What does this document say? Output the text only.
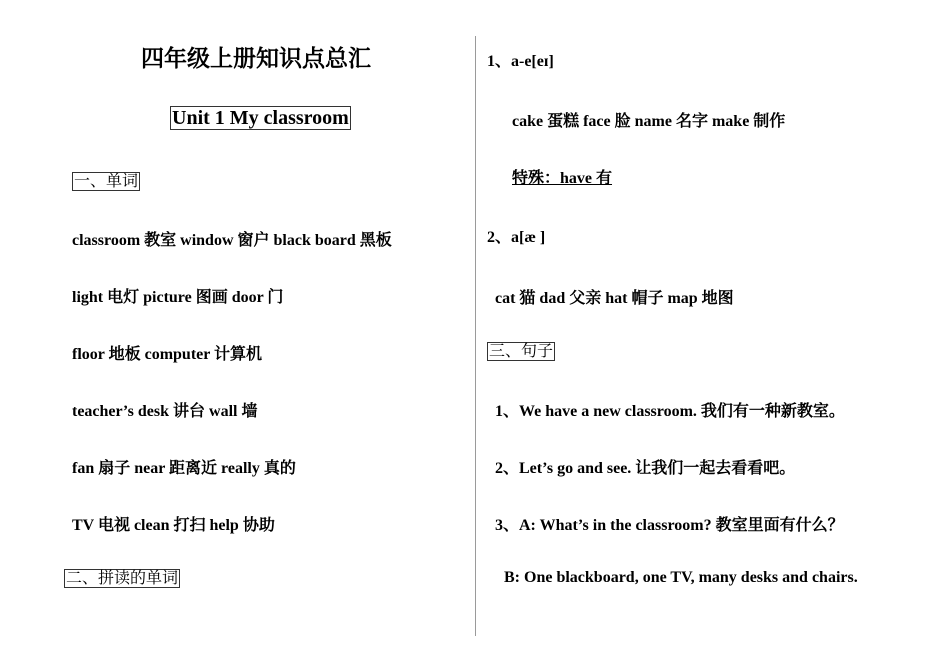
四年级上册知识点总汇
Unit 1 My classroom
一、单词
classroom 教室 window 窗户 black board 黑板
light 电灯 picture 图画 door 门
floor 地板 computer 计算机
teacher’s desk 讲台 wall 墙
fan 扇子 near 距离近 really 真的
TV 电视 clean 打扫 help 协助
二、拼读的单词
1、a-e[eɪ]
cake 蛋糕 face 脸 name 名字 make 制作
特殊：have 有
2、a[æ ]
cat 猫 dad 父亲 hat 帽子 map 地图
三、句子
1、We have a new classroom. 我们有一种新教室。
2、Let’s go and see. 让我们一起去看看吧。
3、A: What’s in the classroom? 教室里面有什么？
B: One blackboard, one TV, many desks and chairs.
